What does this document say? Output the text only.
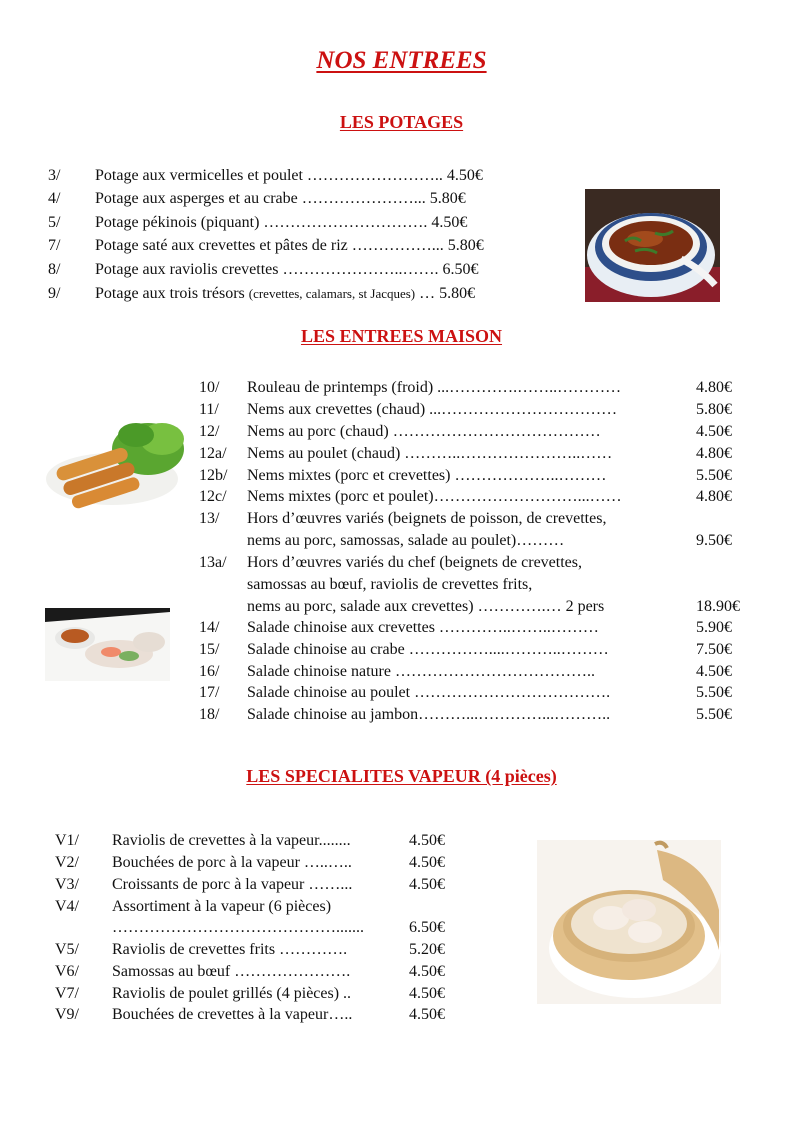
NOS ENTREES
LES POTAGES
3/ Potage aux vermicelles et poulet …………………….. 4.50€
4/ Potage aux asperges et au crabe …………………... 5.80€
5/ Potage pékinois (piquant) …………………………. 4.50€
7/ Potage saté aux crevettes et pâtes de riz ……………... 5.80€
8/ Potage aux raviolis crevettes …………………..……. 6.50€
9/ Potage aux trois trésors (crevettes, calamars, st Jacques) … 5.80€
LES ENTREES MAISON
10/ Rouleau de printemps (froid) ...………….……..…………	4.80€
11/ Nems aux crevettes (chaud) ...……………………………	5.80€
12/ Nems au porc (chaud) …………………………………	4.50€
12a/ Nems au poulet (chaud) ………..…………………..……	4.80€
12b/ Nems mixtes (porc et crevettes) ………………..………	5.50€
12c/ Nems mixtes (porc et poulet)………………………...……	4.80€
13/ Hors d’œuvres variés (beignets de poisson, de crevettes,
nems au porc, samossas, salade au poulet)………	9.50€
13a/ Hors d’œuvres variés du chef (beignets de crevettes,
samossas au bœuf, raviolis de crevettes frits,
nems au porc, salade aux crevettes) ………….… 2 pers	18.90€
14/ Salade chinoise aux crevettes …………..……..………	5.90€
15/ Salade chinoise au crabe ……………....………..………	7.50€
16/ Salade chinoise nature ………………………………..	4.50€
17/ Salade chinoise au poulet ……………………………….	5.50€
18/ Salade chinoise au jambon………...…………...………..	5.50€
LES SPECIALITES VAPEUR (4 pièces)
V1/ Raviolis de crevettes à la vapeur........	4.50€
V2/ Bouchées de porc à la vapeur …..…..	4.50€
V3/ Croissants de porc à la vapeur ……...	4.50€
V4/ Assortiment à la vapeur (6 pièces)
…………………………………….......	6.50€
V5/ Raviolis de crevettes frits ………….	5.20€
V6/ Samossas au bœuf ………………….	4.50€
V7/ Raviolis de poulet grillés (4 pièces) ..	4.50€
V9/ Bouchées de crevettes à la vapeur…..	4.50€
